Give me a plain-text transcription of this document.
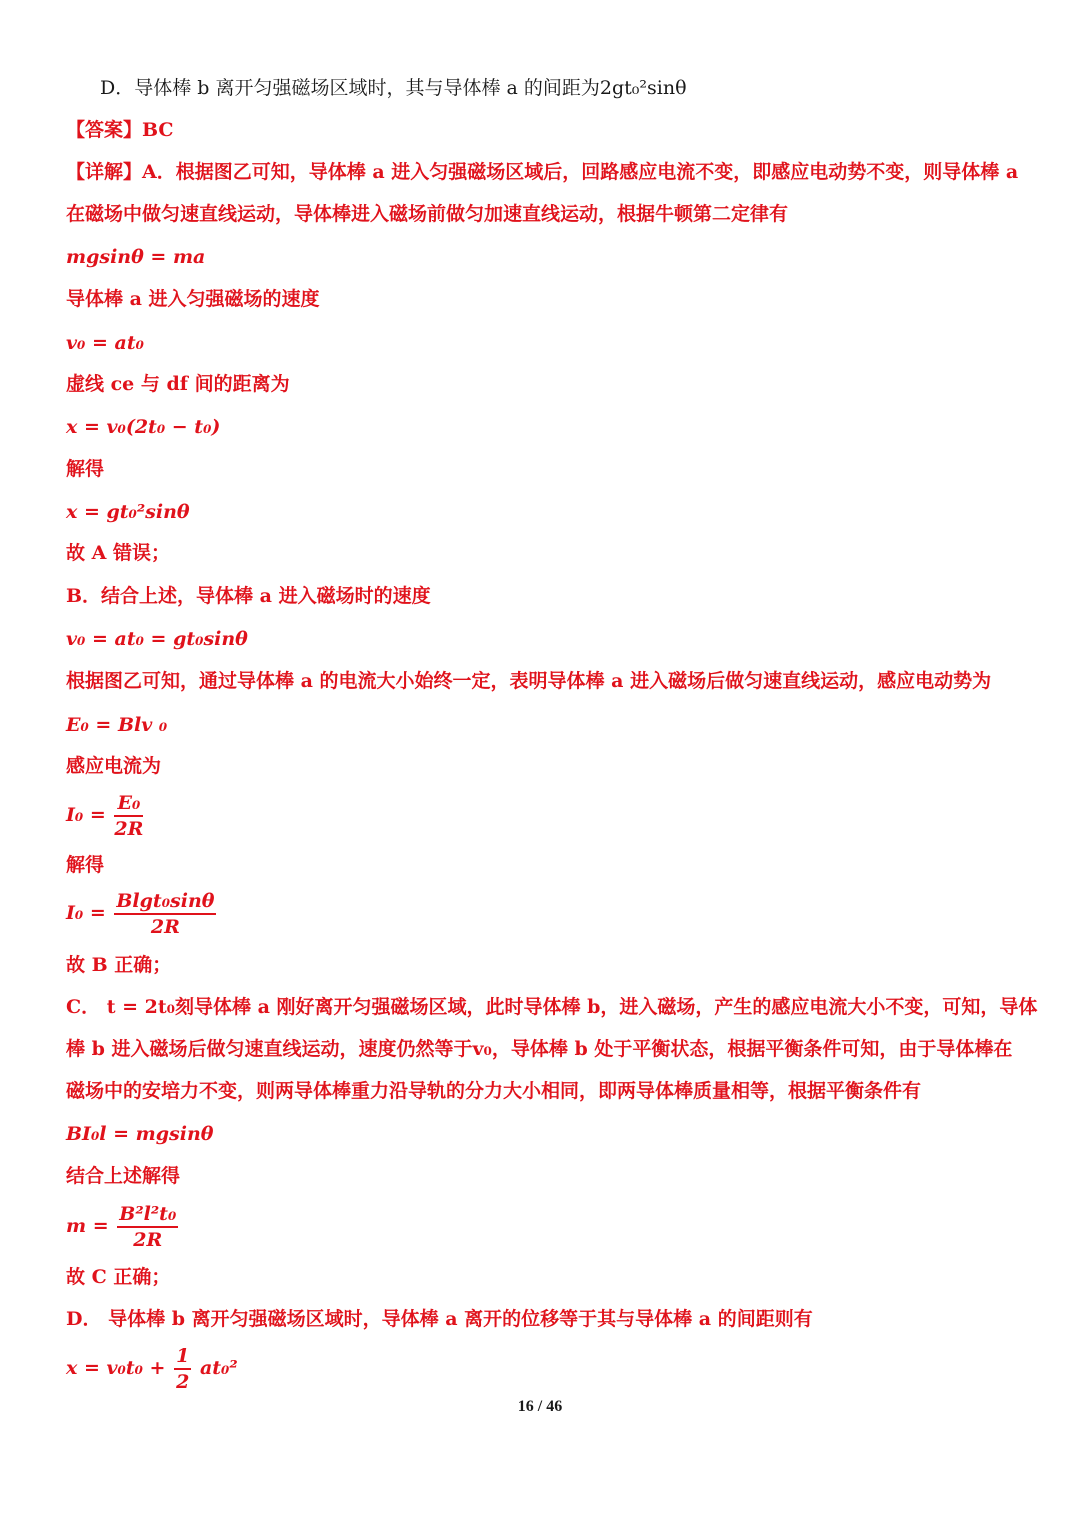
D．导体棒 b 离开匀强磁场区域时，其与导体棒 a 的间距为2gt₀²sinθ
【答案】BC
【详解】A．根据图乙可知，导体棒 a 进入匀强磁场区域后，回路感应电流不变，即感应电动势不变，则导体棒 a
在磁场中做匀速直线运动，导体棒进入磁场前做匀加速直线运动，根据牛顿第二定律有
mgsinθ = ma
导体棒 a 进入匀强磁场的速度
v₀ = at₀
虚线 ce 与 df 间的距离为
x = v₀(2t₀ − t₀)
解得
x = gt₀²sinθ
故 A 错误；
B．结合上述，导体棒 a 进入磁场时的速度
v₀ = at₀ = gt₀sinθ
根据图乙可知，通过导体棒 a 的电流大小始终一定，表明导体棒 a 进入磁场后做匀速直线运动，感应电动势为
E₀ = Blv ₀
感应电流为
$I_0 = \frac{\text{E₀}}{2R}$
解得
$I_0 = \frac{\text{Blgt₀sinθ}}{2R}$
故 B 正确；
C． t = 2t₀刻导体棒 a 刚好离开匀强磁场区域，此时导体棒 b，进入磁场，产生的感应电流大小不变，可知，导体
棒 b 进入磁场后做匀速直线运动，速度仍然等于v₀，导体棒 b 处于平衡状态，根据平衡条件可知，由于导体棒在
磁场中的安培力不变，则两导体棒重力沿导轨的分力大小相同，即两导体棒质量相等，根据平衡条件有
BI₀l = mgsinθ
结合上述解得
$m = \frac{\text{B²l²t₀}}{2R}$
故 C 正确；
D． 导体棒 b 离开匀强磁场区域时，导体棒 a 离开的位移等于其与导体棒 a 的间距则有
$x = v_0t_0 + \frac{1}{2} at_0^2$
16 / 46
